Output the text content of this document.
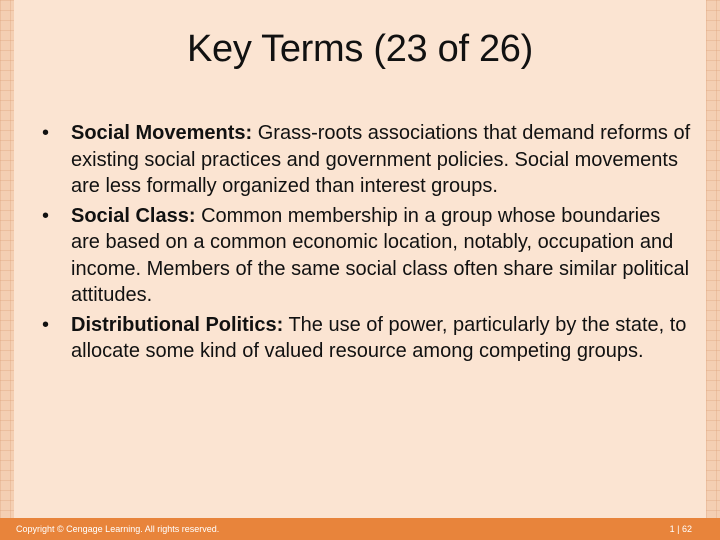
Key Terms (23 of 26)
• Social Movements: Grass-roots associations that demand reforms of existing social practices and government policies. Social movements are less formally organized than interest groups.
• Social Class: Common membership in a group whose boundaries are based on a common economic location, notably, occupation and income. Members of the same social class often share similar political attitudes.
• Distributional Politics: The use of power, particularly by the state, to allocate some kind of valued resource among competing groups.
Copyright © Cengage Learning. All rights reserved.	1 | 62
